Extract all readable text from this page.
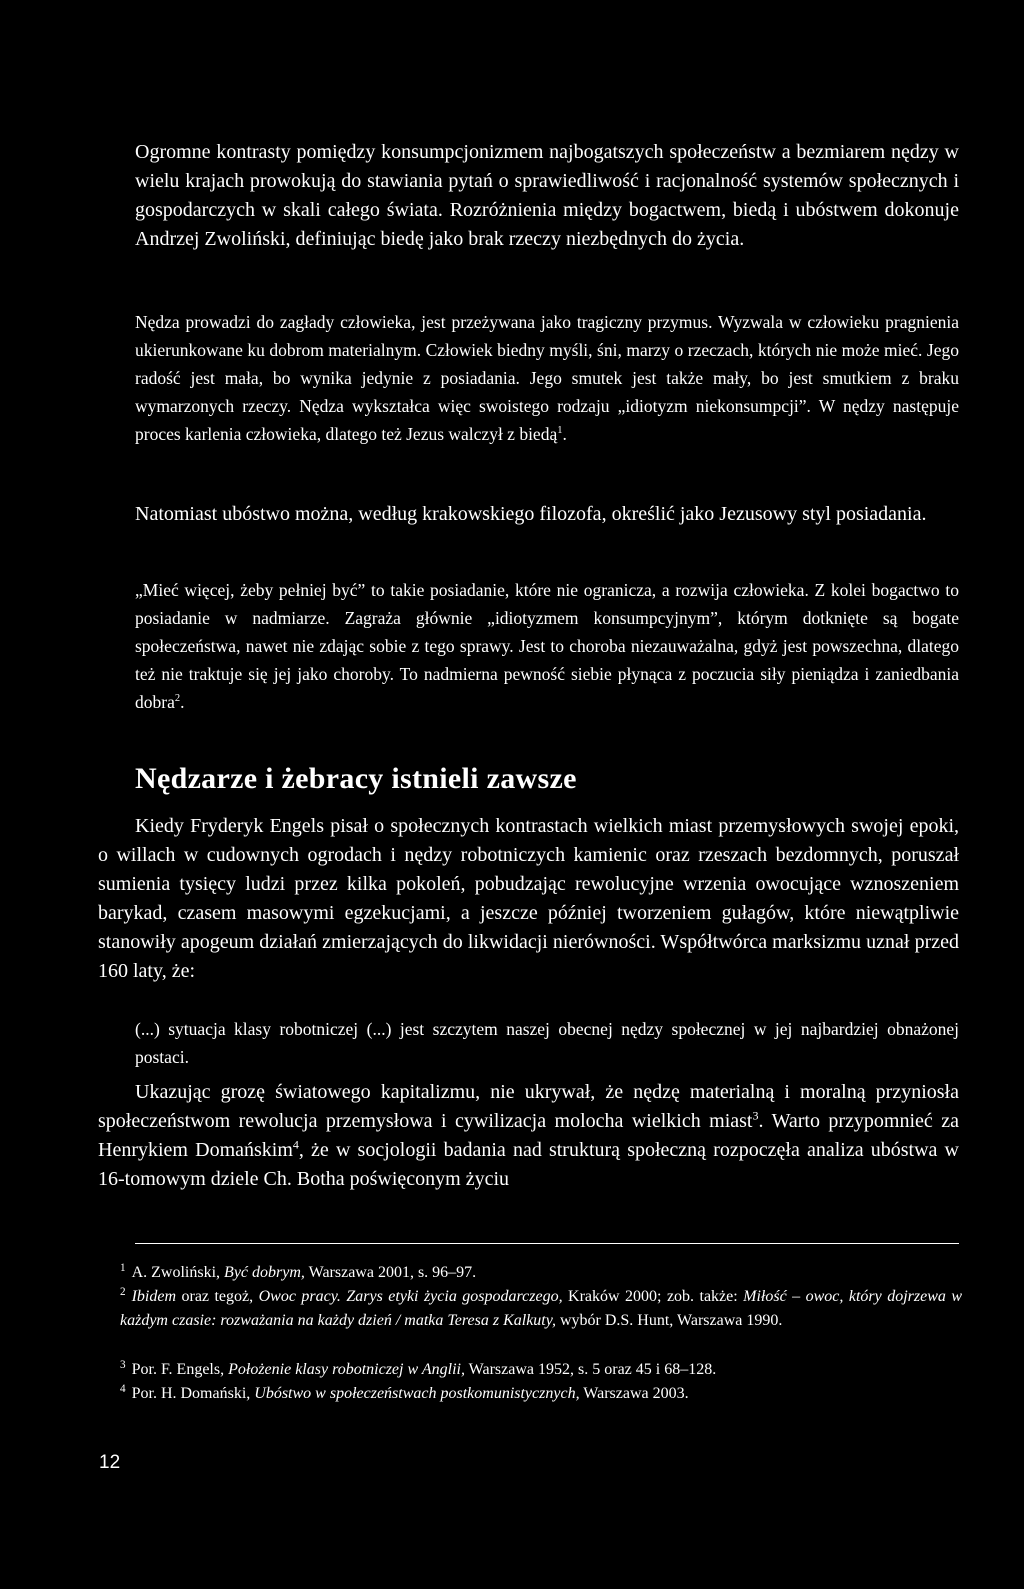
Ogromne kontrasty pomiędzy konsumpcjonizmem najbogatszych społeczeństw a bezmiarem nędzy w wielu krajach prowokują do stawiania pytań o sprawiedliwość i racjonalność systemów społecznych i gospodarczych w skali całego świata. Rozróżnienia między bogactwem, biedą i ubóstwem dokonuje Andrzej Zwoliński, definiując biedę jako brak rzeczy niezbędnych do życia.

Nędza prowadzi do zagłady człowieka, jest przeżywana jako tragiczny przymus. Wyzwala w człowieku pragnienia ukierunkowane ku dobrom materialnym. Człowiek biedny myśli, śni, marzy o rzeczach, których nie może mieć. Jego radość jest mała, bo wynika jedynie z posiadania. Jego smutek jest także mały, bo jest smutkiem z braku wymarzonych rzeczy. Nędza wykształca więc swoistego rodzaju „idiotyzm niekonsumpcji”. W nędzy następuje proces karlenia człowieka, dlatego też Jezus walczył z biedą$^1$.

Natomiast ubóstwo można, według krakowskiego filozofa, określić jako Jezusowy styl posiadania.

„Mieć więcej, żeby pełniej być” to takie posiadanie, które nie ogranicza, a rozwija człowieka. Z kolei bogactwo to posiadanie w nadmiarze. Zagraża głównie „idiotyzmem konsumpcyjnym”, którym dotknięte są bogate społeczeństwa, nawet nie zdając sobie z tego sprawy. Jest to choroba niezauważalna, gdyż jest powszechna, dlatego też nie traktuje się jej jako choroby. To nadmierna pewność siebie płynąca z poczucia siły pieniądza i zaniedbania dobra$^2$.

Nędzarze i żebracy istnieli zawsze

Kiedy Fryderyk Engels pisał o społecznych kontrastach wielkich miast przemysłowych swojej epoki, o willach w cudownych ogrodach i nędzy robotniczych kamienic oraz rzeszach bezdomnych, poruszał sumienia tysięcy ludzi przez kilka pokoleń, pobudzając rewolucyjne wrzenia owocujące wznoszeniem barykad, czasem masowymi egzekucjami, a jeszcze później tworzeniem gułagów, które niewątpliwie stanowiły apogeum działań zmierzających do likwidacji nierówności. Współtwórca marksizmu uznał przed 160 laty, że:

(...) sytuacja klasy robotniczej (...) jest szczytem naszej obecnej nędzy społecznej w jej najbardziej obnażonej postaci.

Ukazując grozę światowego kapitalizmu, nie ukrywał, że nędzę materialną i moralną przyniosła społeczeństwom rewolucja przemysłowa i cywilizacja molocha wielkich miast$^3$. Warto przypomnieć za Henrykiem Domańskim$^4$, że w socjologii badania nad strukturą społeczną rozpoczęła analiza ubóstwa w 16-tomowym dziele Ch. Botha poświęconym życiu

$^1$ A. Zwoliński, Być dobrym, Warszawa 2001, s. 96–97.

$^2$ Ibidem oraz tegoż, Owoc pracy. Zarys etyki życia gospodarczego, Kraków 2000; zob. także: Miłość – owoc, który dojrzewa w każdym czasie: rozważania na każdy dzień / matka Teresa z Kalkuty, wybór D.S. Hunt, Warszawa 1990.

$^3$ Por. F. Engels, Położenie klasy robotniczej w Anglii, Warszawa 1952, s. 5 oraz 45 i 68–128.

$^4$ Por. H. Domański, Ubóstwo w społeczeństwach postkomunistycznych, Warszawa 2003.

12
